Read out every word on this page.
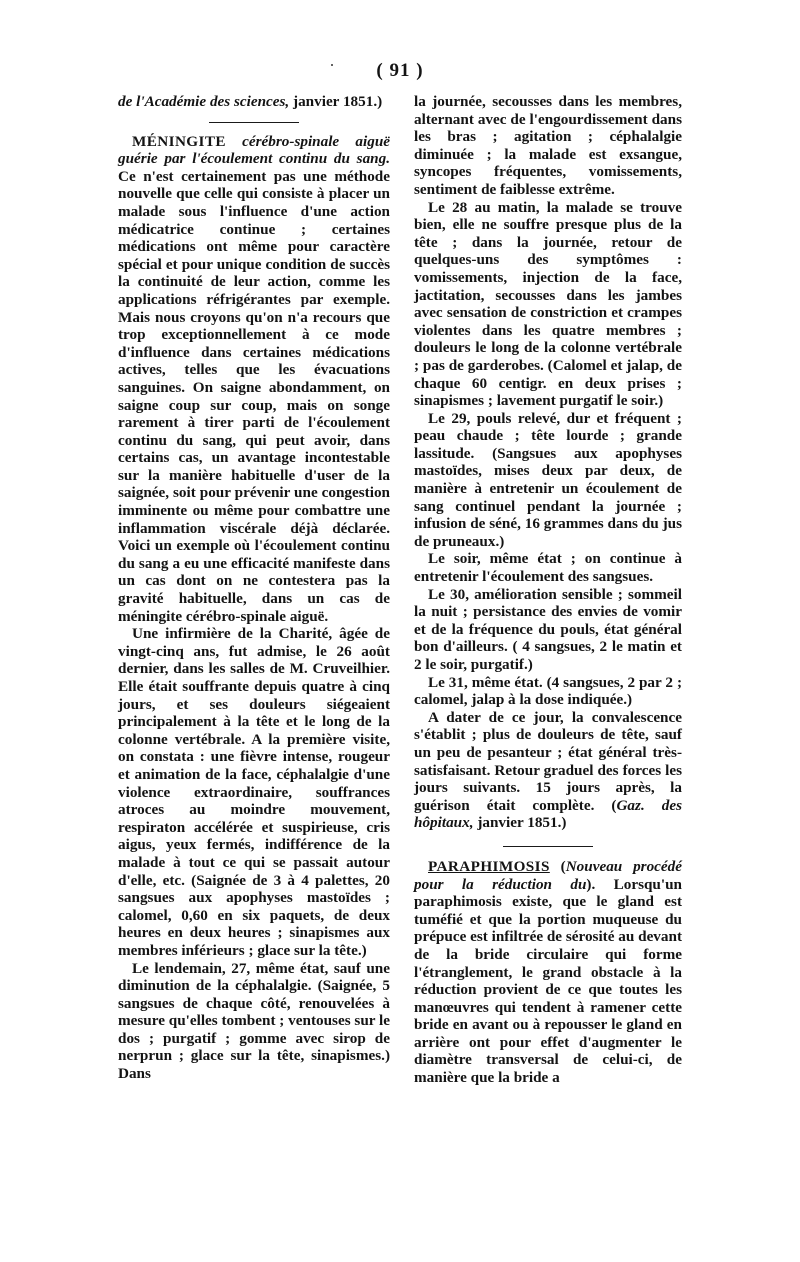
( 91 )

de l'Académie des sciences, janvier 1851.)

MÉNINGITE cérébro-spinale aiguë guérie par l'écoulement continu du sang. Ce n'est certainement pas une méthode nouvelle que celle qui consiste à placer un malade sous l'influence d'une action médicatrice continue ; certaines médications ont même pour caractère spécial et pour unique condition de succès la continuité de leur action, comme les applications réfrigérantes par exemple. Mais nous croyons qu'on n'a recours que trop exceptionnellement à ce mode d'influence dans certaines médications actives, telles que les évacuations sanguines. On saigne abondamment, on saigne coup sur coup, mais on songe rarement à tirer parti de l'écoulement continu du sang, qui peut avoir, dans certains cas, un avantage incontestable sur la manière habituelle d'user de la saignée, soit pour prévenir une congestion imminente ou même pour combattre une inflammation viscérale déjà déclarée. Voici un exemple où l'écoulement continu du sang a eu une efficacité manifeste dans un cas dont on ne contestera pas la gravité habituelle, dans un cas de méningite cérébro-spinale aiguë.

Une infirmière de la Charité, âgée de vingt-cinq ans, fut admise, le 26 août dernier, dans les salles de M. Cruveilhier. Elle était souffrante depuis quatre à cinq jours, et ses douleurs siégeaient principalement à la tête et le long de la colonne vertébrale. A la première visite, on constata : une fièvre intense, rougeur et animation de la face, céphalalgie d'une violence extraordinaire, souffrances atroces au moindre mouvement, respiraton accélérée et suspirieuse, cris aigus, yeux fermés, indifférence de la malade à tout ce qui se passait autour d'elle, etc. (Saignée de 3 à 4 palettes, 20 sangsues aux apophyses mastoïdes ; calomel, 0,60 en six paquets, de deux heures en deux heures ; sinapismes aux membres inférieurs ; glace sur la tête.)

Le lendemain, 27, même état, sauf une diminution de la céphalalgie. (Saignée, 5 sangsues de chaque côté, renouvelées à mesure qu'elles tombent ; ventouses sur le dos ; purgatif ; gomme avec sirop de nerprun ; glace sur la tête, sinapismes.) Dans

la journée, secousses dans les membres, alternant avec de l'engourdissement dans les bras ; agitation ; céphalalgie diminuée ; la malade est exsangue, syncopes fréquentes, vomissements, sentiment de faiblesse extrême.

Le 28 au matin, la malade se trouve bien, elle ne souffre presque plus de la tête ; dans la journée, retour de quelques-uns des symptômes : vomissements, injection de la face, jactitation, secousses dans les jambes avec sensation de constriction et crampes violentes dans les quatre membres ; douleurs le long de la colonne vertébrale ; pas de garderobes. (Calomel et jalap, de chaque 60 centigr. en deux prises ; sinapismes ; lavement purgatif le soir.)

Le 29, pouls relevé, dur et fréquent ; peau chaude ; tête lourde ; grande lassitude. (Sangsues aux apophyses mastoïdes, mises deux par deux, de manière à entretenir un écoulement de sang continuel pendant la journée ; infusion de séné, 16 grammes dans du jus de pruneaux.)

Le soir, même état ; on continue à entretenir l'écoulement des sangsues.

Le 30, amélioration sensible ; sommeil la nuit ; persistance des envies de vomir et de la fréquence du pouls, état général bon d'ailleurs. ( 4 sangsues, 2 le matin et 2 le soir, purgatif.)

Le 31, même état. (4 sangsues, 2 par 2 ; calomel, jalap à la dose indiquée.)

A dater de ce jour, la convalescence s'établit ; plus de douleurs de tête, sauf un peu de pesanteur ; état général très-satisfaisant. Retour graduel des forces les jours suivants. 15 jours après, la guérison était complète. (Gaz. des hôpitaux, janvier 1851.)

PARAPHIMOSIS (Nouveau procédé pour la réduction du). Lorsqu'un paraphimosis existe, que le gland est tuméfié et que la portion muqueuse du prépuce est infiltrée de sérosité au devant de la bride circulaire qui forme l'étranglement, le grand obstacle à la réduction provient de ce que toutes les manœuvres qui tendent à ramener cette bride en avant ou à repousser le gland en arrière ont pour effet d'augmenter le diamètre transversal de celui-ci, de manière que la bride a
